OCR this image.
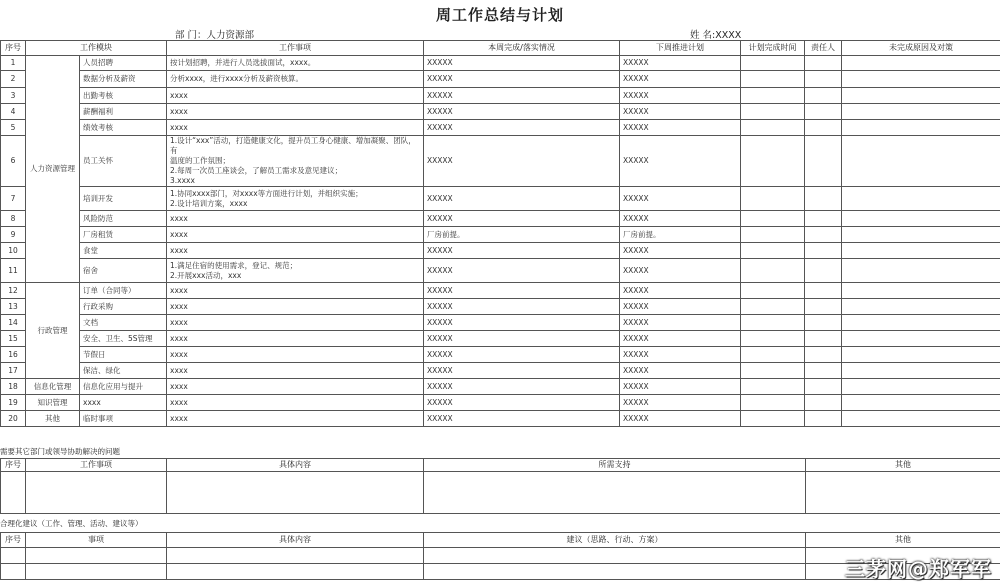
周工作总结与计划
部 门：人力资源部	姓 名:XXXX
序号	工作模块		工作事项	本周完成/落实情况	下周推进计划	计划完成时间	责任人	未完成原因及对策
1	人力资源管理	人员招聘	按计划招聘，并进行人员选拔面试，xxxx。	XXXXX	XXXXX			
2		数据分析及薪资	分析xxxx，进行xxxx分析及薪资核算。	XXXXX	XXXXX			
3		出勤考核	xxxx	XXXXX	XXXXX			
4		薪酬福利	xxxx	XXXXX	XXXXX			
5		绩效考核	xxxx	XXXXX	XXXXX			
6		员工关怀	1.设计“xxx”活动，打造健康文化，提升员工身心健康、增加凝聚、团队，有
温度的工作氛围；
2.每周一次员工座谈会，了解员工需求及意见建议；
3.xxxx	XXXXX	XXXXX			
7		培训开发	1.协同xxxx部门，对xxxx等方面进行计划，并组织实施；
2.设计培训方案，xxxx	XXXXX	XXXXX			
8		风险防范	xxxx	XXXXX	XXXXX			
9		厂房租赁	xxxx	厂房前提。	厂房前提。			
10		食堂	xxxx	XXXXX	XXXXX			
11		宿舍	1.满足住宿的使用需求，登记、规范；
2.开展xxx活动，xxx	XXXXX	XXXXX			
12	行政管理	订单（合同等）	xxxx	XXXXX	XXXXX			
13		行政采购	xxxx	XXXXX	XXXXX			
14		文档	xxxx	XXXXX	XXXXX			
15		安全、卫生、5S管理	xxxx	XXXXX	XXXXX			
16		节假日	xxxx	XXXXX	XXXXX			
17		保洁、绿化	xxxx	XXXXX	XXXXX			
18	信息化管理	信息化应用与提升	xxxx	XXXXX	XXXXX			
19	知识管理	xxxx	xxxx	XXXXX	XXXXX			
20	其他	临时事项	xxxx	XXXXX	XXXXX			
需要其它部门或领导协助解决的问题
序号	工作事项	具体内容	所需支持	其他

合理化建议（工作、管理、活动、建议等）
序号	事项	具体内容	建议（思路、行动、方案）	其他

三茅网@郑军军
